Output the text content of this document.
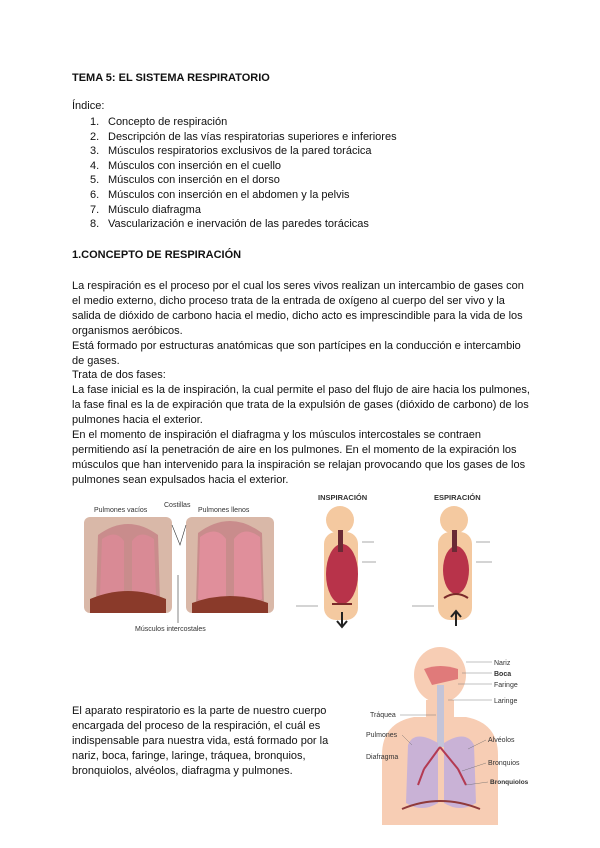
TEMA 5: EL SISTEMA RESPIRATORIO
Índice:
1. Concepto de respiración
2. Descripción de las vías respiratorias superiores e inferiores
3. Músculos respiratorios exclusivos de la pared torácica
4. Músculos con inserción en el cuello
5. Músculos con inserción en el dorso
6. Músculos con inserción en el abdomen y la pelvis
7. Músculo diafragma
8. Vascularización e inervación de las paredes torácicas
1.CONCEPTO DE RESPIRACIÓN

La respiración es el proceso por el cual los seres vivos realizan un intercambio de gases con el medio externo, dicho proceso trata de la entrada de oxígeno al cuerpo del ser vivo y la salida de dióxido de carbono hacia el medio, dicho acto es imprescindible para la vida de los organismos aeróbicos.

Está formado por estructuras anatómicas que son partícipes en la conducción e intercambio de gases.

Trata de dos fases:

La fase inicial es la de inspiración, la cual permite el paso del flujo de aire hacia los pulmones, la fase final es la de expiración que trata de la expulsión de gases (dióxido de carbono) de los pulmones hacia el exterior.

En el momento de inspiración el diafragma y los músculos intercostales se contraen permitiendo así la penetración de aire en los pulmones. En el momento de la expiración los músculos que han intervenido para la inspiración se relajan provocando que los gases de los pulmones sean expulsados hacia el exterior.

Pulmones vacíos
Costillas
Pulmones llenos
Músculos intercostales
INSPIRACIÓN	ESPIRACIÓN
El aparato respiratorio es la parte de nuestro cuerpo encargada del proceso de la respiración, el cuál es indispensable para nuestra vida, está formado por la nariz, boca, faringe, laringe, tráquea, bronquios, bronquiolos, alvéolos, diafragma y pulmones.
Nariz
Boca
Faringe
Laringe
Tráquea
Pulmones
Alvéolos
Diafragma
Bronquios
Bronquiolos
